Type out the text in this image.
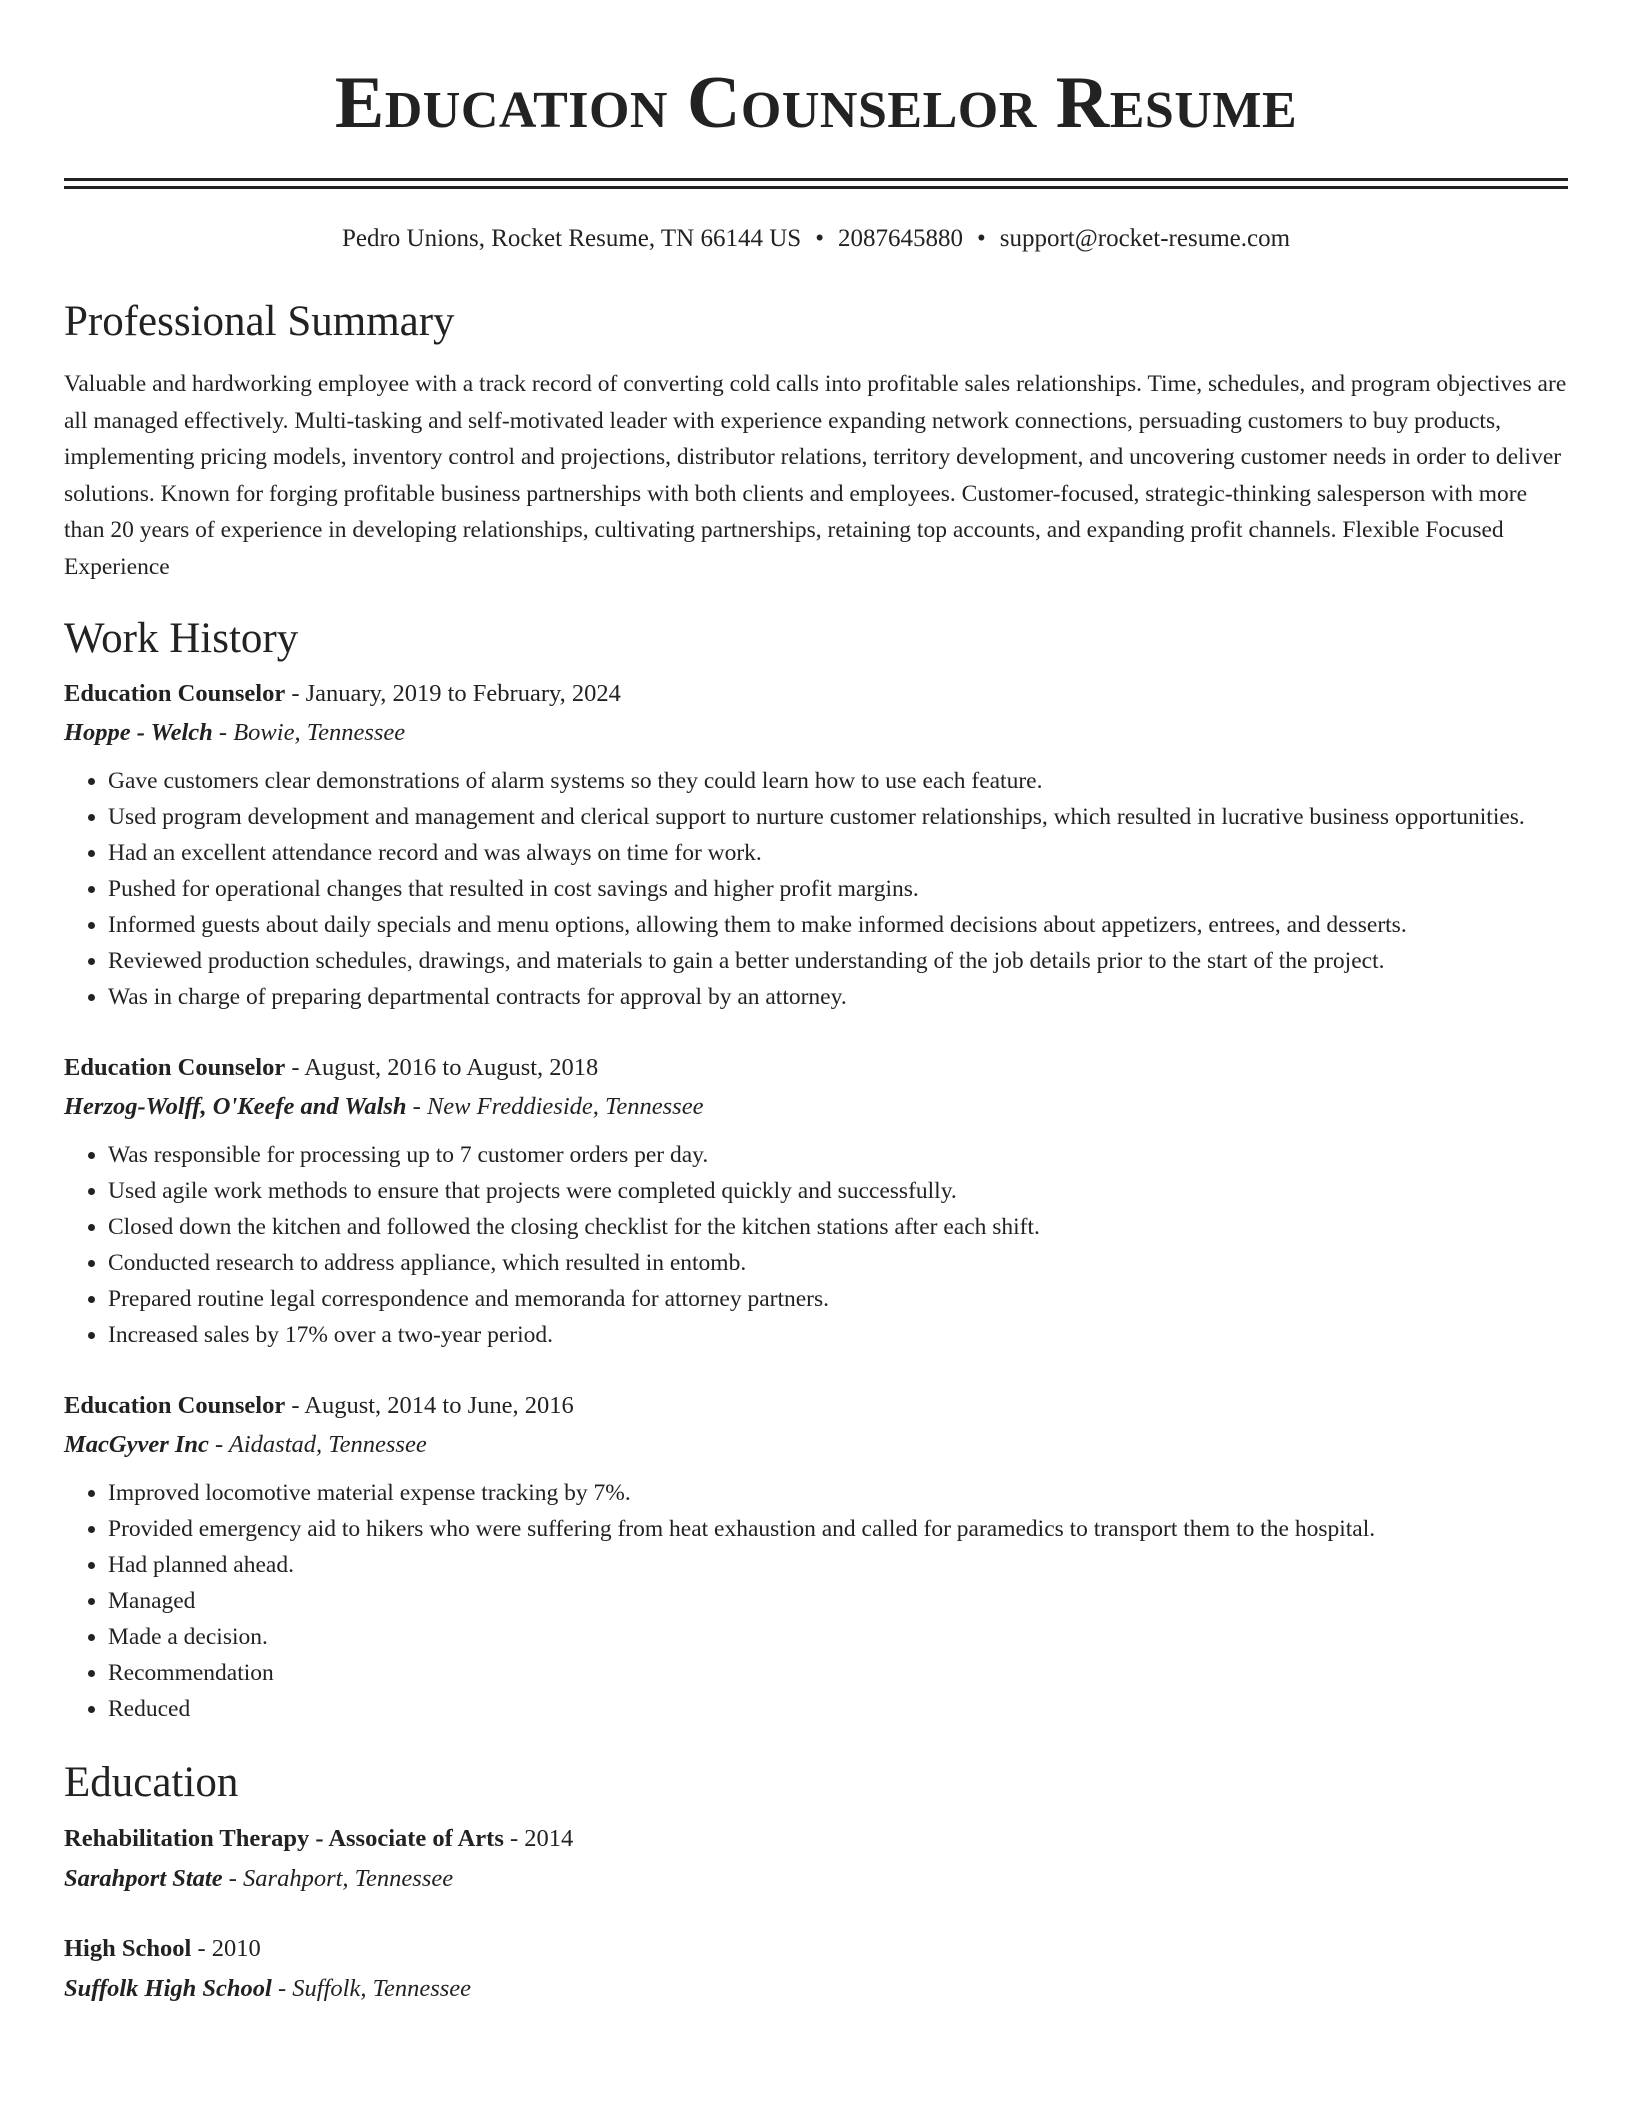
Education Counselor Resume
Pedro Unions, Rocket Resume, TN 66144 US • 2087645880 • support@rocket-resume.com
Professional Summary

Valuable and hardworking employee with a track record of converting cold calls into profitable sales relationships. Time, schedules, and program objectives are all managed effectively. Multi-tasking and self-motivated leader with experience expanding network connections, persuading customers to buy products, implementing pricing models, inventory control and projections, distributor relations, territory development, and uncovering customer needs in order to deliver solutions. Known for forging profitable business partnerships with both clients and employees. Customer-focused, strategic-thinking salesperson with more than 20 years of experience in developing relationships, cultivating partnerships, retaining top accounts, and expanding profit channels. Flexible Focused Experience

Work History
Education Counselor - January, 2019 to February, 2024
Hoppe - Welch - Bowie, Tennessee
• Gave customers clear demonstrations of alarm systems so they could learn how to use each feature.
• Used program development and management and clerical support to nurture customer relationships, which resulted in lucrative business opportunities.
• Had an excellent attendance record and was always on time for work.
• Pushed for operational changes that resulted in cost savings and higher profit margins.
• Informed guests about daily specials and menu options, allowing them to make informed decisions about appetizers, entrees, and desserts.
• Reviewed production schedules, drawings, and materials to gain a better understanding of the job details prior to the start of the project.
• Was in charge of preparing departmental contracts for approval by an attorney.
Education Counselor - August, 2016 to August, 2018
Herzog-Wolff, O'Keefe and Walsh - New Freddieside, Tennessee
• Was responsible for processing up to 7 customer orders per day.
• Used agile work methods to ensure that projects were completed quickly and successfully.
• Closed down the kitchen and followed the closing checklist for the kitchen stations after each shift.
• Conducted research to address appliance, which resulted in entomb.
• Prepared routine legal correspondence and memoranda for attorney partners.
• Increased sales by 17% over a two-year period.
Education Counselor - August, 2014 to June, 2016
MacGyver Inc - Aidastad, Tennessee
• Improved locomotive material expense tracking by 7%.
• Provided emergency aid to hikers who were suffering from heat exhaustion and called for paramedics to transport them to the hospital.
• Had planned ahead.
• Managed
• Made a decision.
• Recommendation
• Reduced
Education
Rehabilitation Therapy - Associate of Arts - 2014
Sarahport State - Sarahport, Tennessee
High School - 2010
Suffolk High School - Suffolk, Tennessee
